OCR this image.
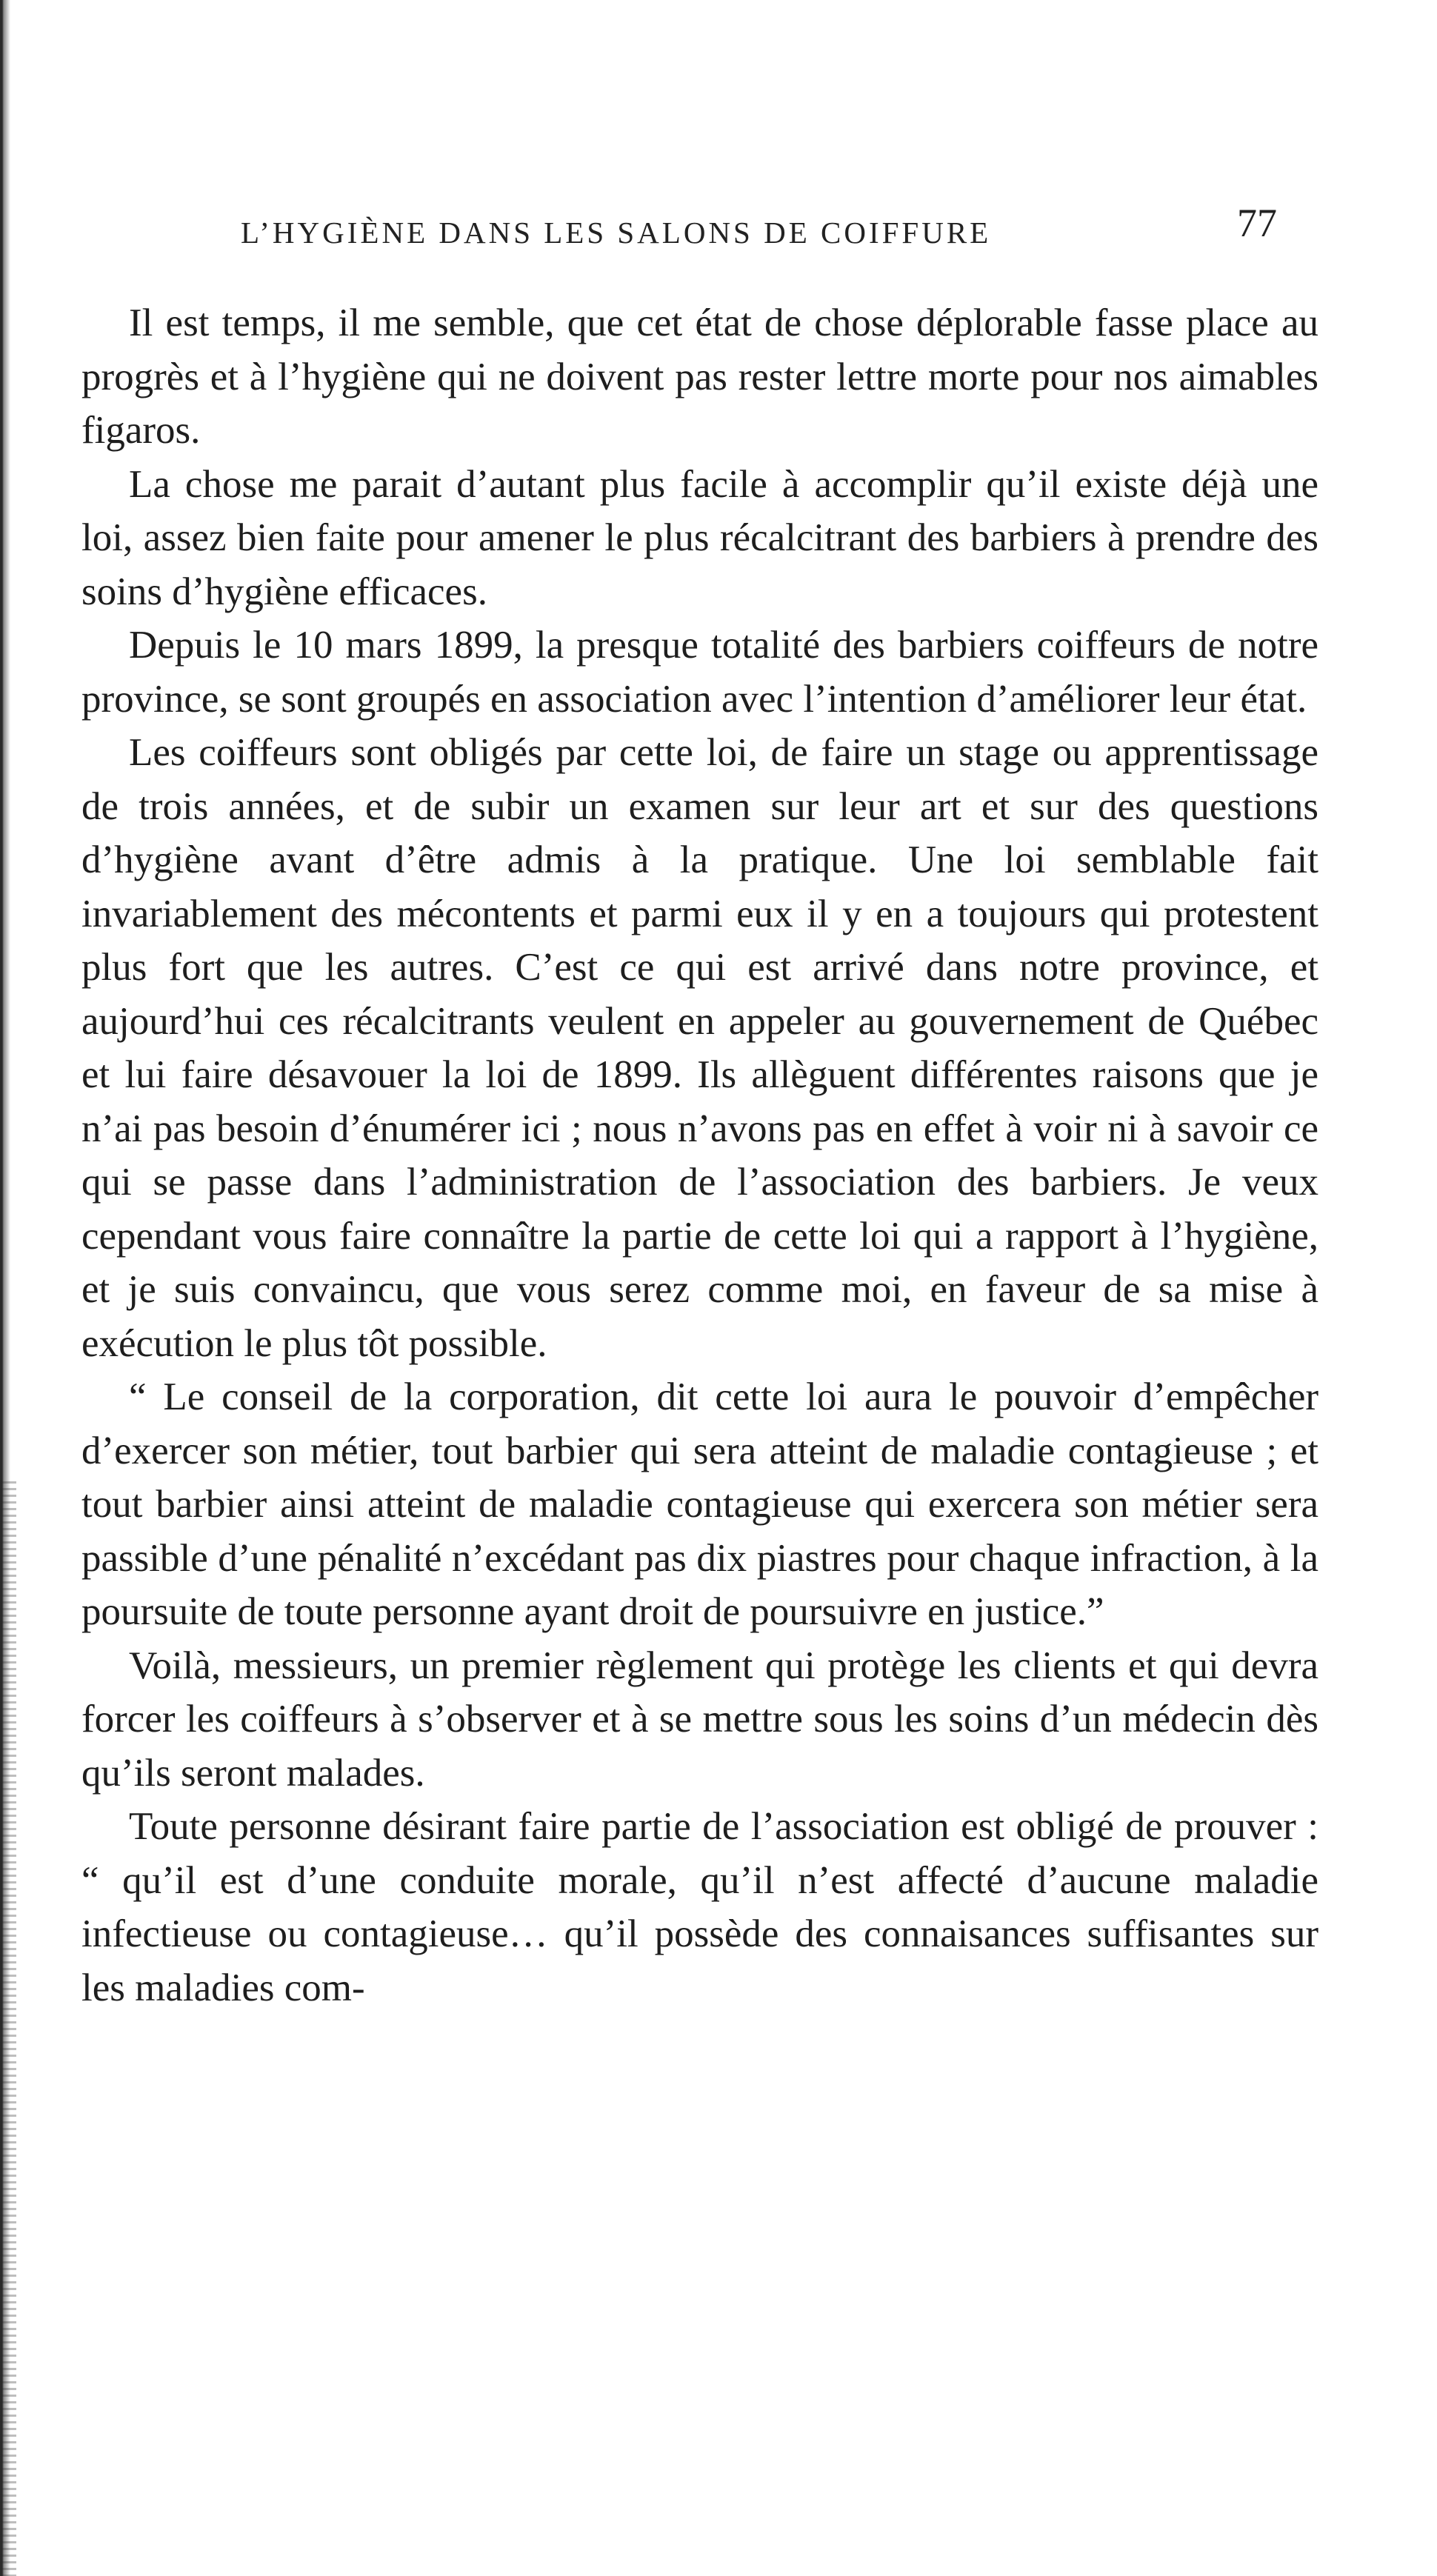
L’HYGIÈNE DANS LES SALONS DE COIFFURE	77

Il est temps, il me semble, que cet état de chose déplorable fasse place au progrès et à l’hygiène qui ne doivent pas rester lettre morte pour nos aimables figaros.

La chose me parait d’autant plus facile à accomplir qu’il existe déjà une loi, assez bien faite pour amener le plus récalcitrant des barbiers à prendre des soins d’hygiène efficaces.

Depuis le 10 mars 1899, la presque totalité des barbiers coiffeurs de notre province, se sont groupés en association avec l’intention d’améliorer leur état.

Les coiffeurs sont obligés par cette loi, de faire un stage ou apprentissage de trois années, et de subir un examen sur leur art et sur des questions d’hygiène avant d’être admis à la pratique. Une loi semblable fait invariablement des mécontents et parmi eux il y en a toujours qui protestent plus fort que les autres. C’est ce qui est arrivé dans notre province, et aujourd’hui ces récalcitrants veulent en appeler au gouvernement de Québec et lui faire désavouer la loi de 1899. Ils allèguent différentes raisons que je n’ai pas besoin d’énumérer ici ; nous n’avons pas en effet à voir ni à savoir ce qui se passe dans l’administration de l’association des barbiers. Je veux cependant vous faire connaître la partie de cette loi qui a rapport à l’hygiène, et je suis convaincu, que vous serez comme moi, en faveur de sa mise à exécution le plus tôt possible.

“ Le conseil de la corporation, dit cette loi aura le pouvoir d’empêcher d’exercer son métier, tout barbier qui sera atteint de maladie contagieuse ; et tout barbier ainsi atteint de maladie contagieuse qui exercera son métier sera passible d’une pénalité n’excédant pas dix piastres pour chaque infraction, à la poursuite de toute personne ayant droit de poursuivre en justice.”

Voilà, messieurs, un premier règlement qui protège les clients et qui devra forcer les coiffeurs à s’observer et à se mettre sous les soins d’un médecin dès qu’ils seront malades.

Toute personne désirant faire partie de l’association est obligé de prouver : “ qu’il est d’une conduite morale, qu’il n’est affecté d’aucune maladie infectieuse ou contagieuse… qu’il possède des connaisances suffisantes sur les maladies com-
